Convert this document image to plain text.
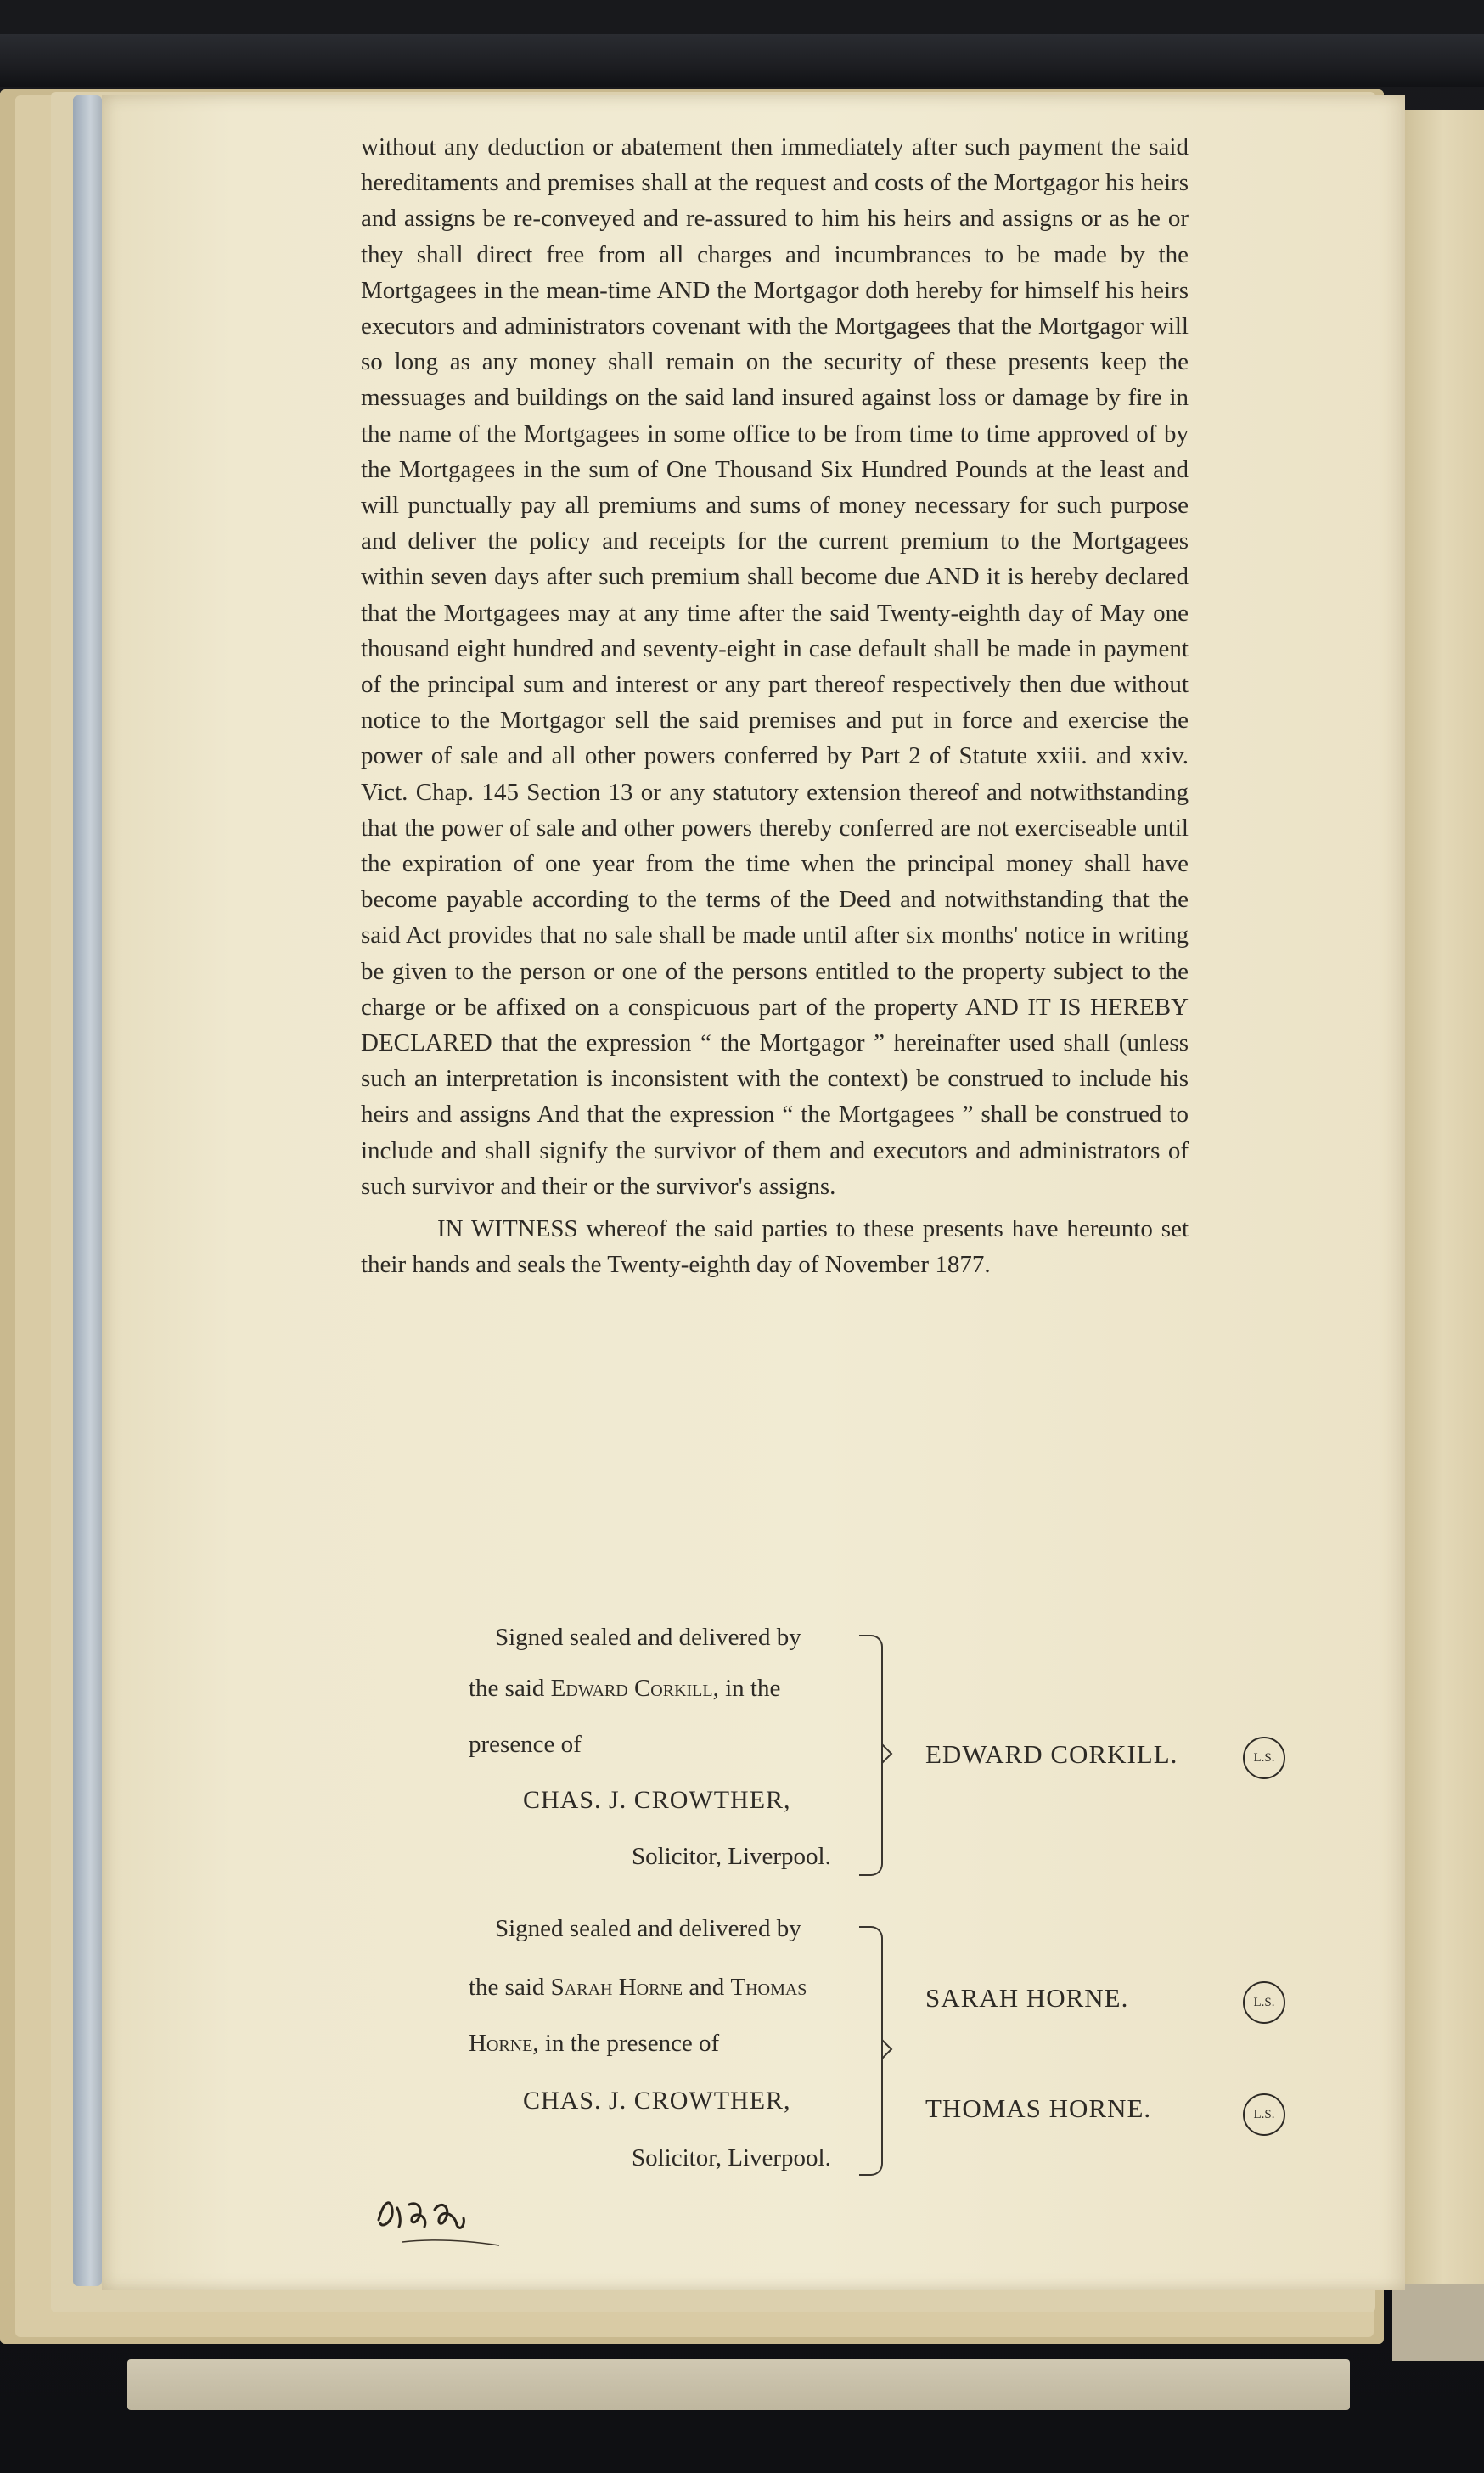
without any deduction or abatement then immediately after such payment the said hereditaments and premises shall at the request and costs of the Mortgagor his heirs and assigns be re-conveyed and re-assured to him his heirs and assigns or as he or they shall direct free from all charges and incumbrances to be made by the Mortgagees in the mean-time AND the Mortgagor doth hereby for himself his heirs executors and administrators covenant with the Mortgagees that the Mortgagor will so long as any money shall remain on the security of these presents keep the messuages and buildings on the said land insured against loss or damage by fire in the name of the Mortgagees in some office to be from time to time approved of by the Mortgagees in the sum of One Thousand Six Hundred Pounds at the least and will punctually pay all premiums and sums of money necessary for such purpose and deliver the policy and receipts for the current premium to the Mortgagees within seven days after such premium shall become due AND it is hereby declared that the Mortgagees may at any time after the said Twenty-eighth day of May one thousand eight hundred and seventy-eight in case default shall be made in payment of the principal sum and interest or any part thereof respectively then due without notice to the Mortgagor sell the said premises and put in force and exercise the power of sale and all other powers conferred by Part 2 of Statute xxiii. and xxiv. Vict. Chap. 145 Section 13 or any statutory extension thereof and notwithstanding that the power of sale and other powers thereby conferred are not exerciseable until the expiration of one year from the time when the principal money shall have become payable according to the terms of the Deed and notwithstanding that the said Act provides that no sale shall be made until after six months' notice in writing be given to the person or one of the persons entitled to the property subject to the charge or be affixed on a conspicuous part of the property AND IT IS HEREBY DECLARED that the expression “ the Mortgagor ” hereinafter used shall (unless such an interpretation is inconsistent with the context) be construed to include his heirs and assigns And that the expression “ the Mortgagees ” shall be construed to include and shall signify the survivor of them and executors and administrators of such survivor and their or the survivor's assigns.

IN WITNESS whereof the said parties to these presents have hereunto set their hands and seals the Twenty-eighth day of November 1877.

Signed sealed and delivered by
the said Edward Corkill, in the
presence of
CHAS. J. CROWTHER,
Solicitor, Liverpool.
EDWARD CORKILL.	L.S.
Signed sealed and delivered by
the said Sarah Horne and Thomas
Horne, in the presence of
CHAS. J. CROWTHER,
Solicitor, Liverpool.
SARAH HORNE.	L.S.
THOMAS HORNE.	L.S.
